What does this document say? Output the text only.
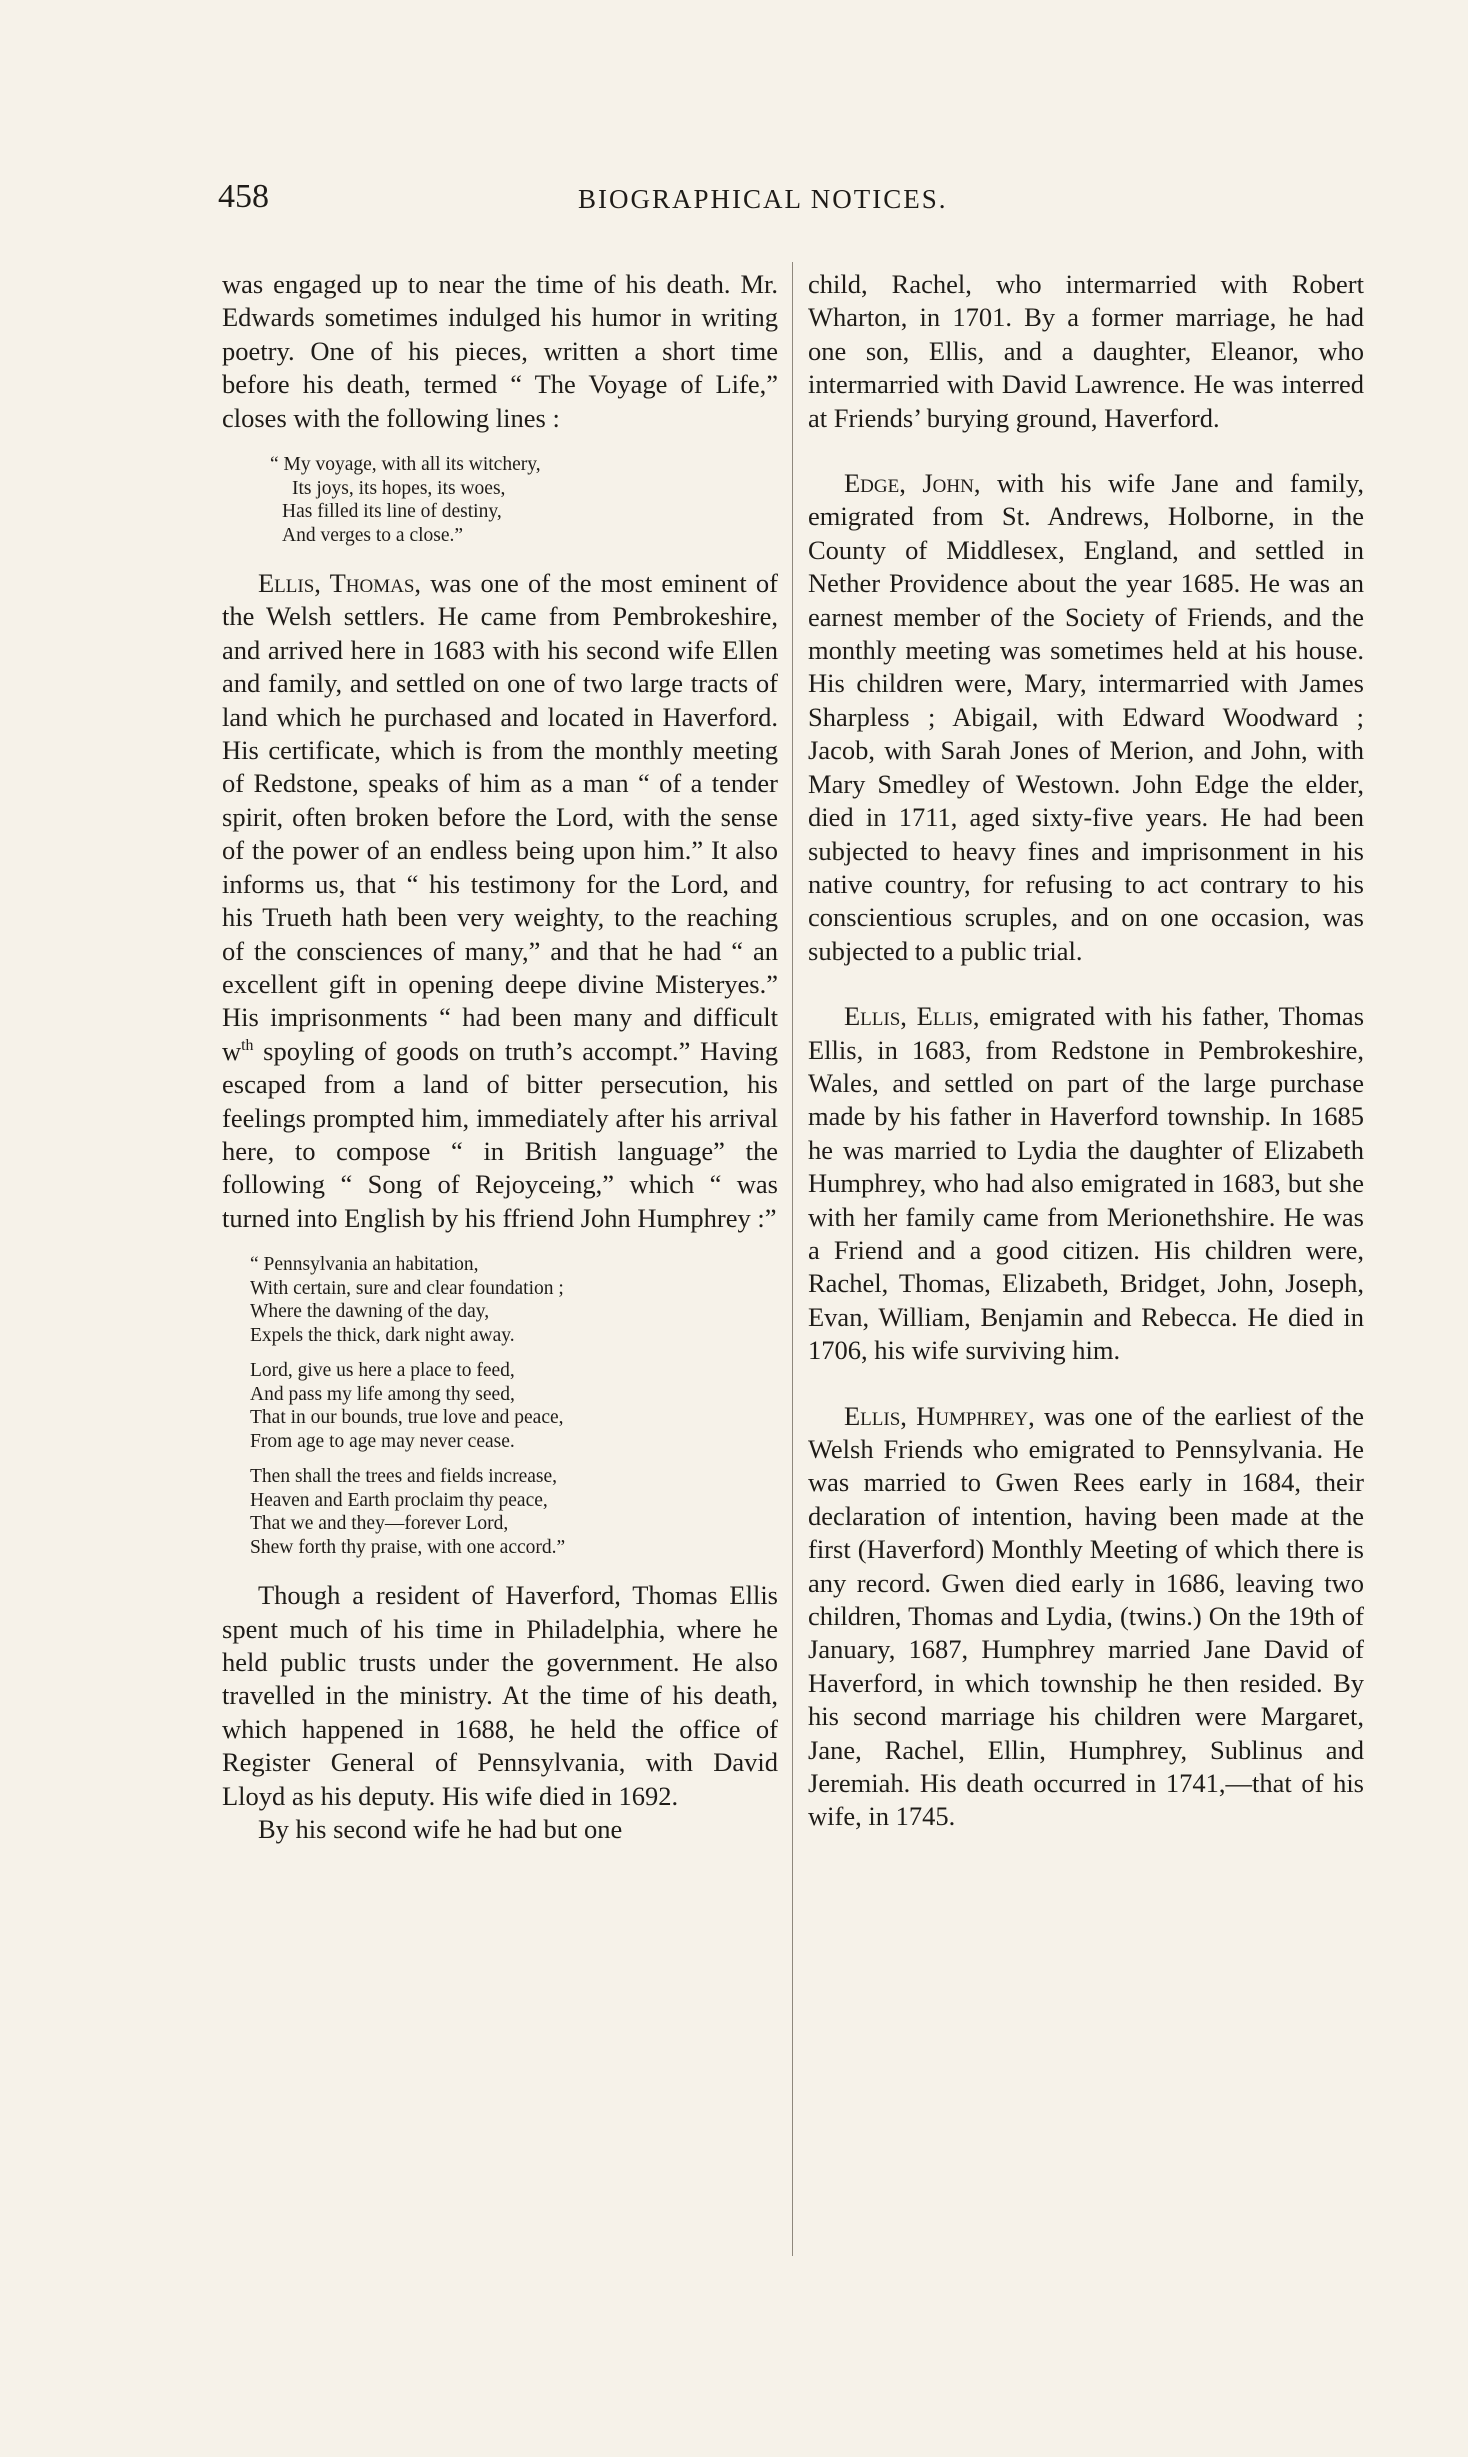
458	BIOGRAPHICAL NOTICES.

was engaged up to near the time of his death. Mr. Edwards sometimes indulged his humor in writing poetry. One of his pieces, written a short time before his death, termed “ The Voyage of Life,” closes with the following lines :

“ My voyage, with all its witchery,
Its joys, its hopes, its woes,
Has filled its line of destiny,
And verges to a close.”

Ellis, Thomas, was one of the most eminent of the Welsh settlers. He came from Pembrokeshire, and arrived here in 1683 with his second wife Ellen and family, and settled on one of two large tracts of land which he purchased and located in Haverford. His certificate, which is from the monthly meeting of Redstone, speaks of him as a man “ of a tender spirit, often broken before the Lord, with the sense of the power of an endless being upon him.” It also informs us, that “ his testimony for the Lord, and his Trueth hath been very weighty, to the reaching of the consciences of many,” and that he had “ an excellent gift in opening deepe divine Misteryes.” His imprisonments “ had been many and difficult $w^{th}$ spoyling of goods on truth’s accompt.” Having escaped from a land of bitter persecution, his feelings prompted him, immediately after his arrival here, to compose “ in British language” the following “ Song of Rejoyceing,” which “ was turned into English by his ffriend John Humphrey :”

“ Pennsylvania an habitation,
With certain, sure and clear foundation ;
Where the dawning of the day,
Expels the thick, dark night away.
Lord, give us here a place to feed,
And pass my life among thy seed,
That in our bounds, true love and peace,
From age to age may never cease.
Then shall the trees and fields increase,
Heaven and Earth proclaim thy peace,
That we and they—forever Lord,
Shew forth thy praise, with one accord.”

Though a resident of Haverford, Thomas Ellis spent much of his time in Philadelphia, where he held public trusts under the government. He also travelled in the ministry. At the time of his death, which happened in 1688, he held the office of Register General of Pennsylvania, with David Lloyd as his deputy. His wife died in 1692.

By his second wife he had but one

child, Rachel, who intermarried with Robert Wharton, in 1701. By a former marriage, he had one son, Ellis, and a daughter, Eleanor, who intermarried with David Lawrence. He was interred at Friends’ burying ground, Haverford.

Edge, John, with his wife Jane and family, emigrated from St. Andrews, Holborne, in the County of Middlesex, England, and settled in Nether Providence about the year 1685. He was an earnest member of the Society of Friends, and the monthly meeting was sometimes held at his house. His children were, Mary, intermarried with James Sharpless ; Abigail, with Edward Woodward ; Jacob, with Sarah Jones of Merion, and John, with Mary Smedley of Westown. John Edge the elder, died in 1711, aged sixty-five years. He had been subjected to heavy fines and imprisonment in his native country, for refusing to act contrary to his conscientious scruples, and on one occasion, was subjected to a public trial.

Ellis, Ellis, emigrated with his father, Thomas Ellis, in 1683, from Redstone in Pembrokeshire, Wales, and settled on part of the large purchase made by his father in Haverford township. In 1685 he was married to Lydia the daughter of Elizabeth Humphrey, who had also emigrated in 1683, but she with her family came from Merionethshire. He was a Friend and a good citizen. His children were, Rachel, Thomas, Elizabeth, Bridget, John, Joseph, Evan, William, Benjamin and Rebecca. He died in 1706, his wife surviving him.

Ellis, Humphrey, was one of the earliest of the Welsh Friends who emigrated to Pennsylvania. He was married to Gwen Rees early in 1684, their declaration of intention, having been made at the first (Haverford) Monthly Meeting of which there is any record. Gwen died early in 1686, leaving two children, Thomas and Lydia, (twins.) On the 19th of January, 1687, Humphrey married Jane David of Haverford, in which township he then resided. By his second marriage his children were Margaret, Jane, Rachel, Ellin, Humphrey, Sublinus and Jeremiah. His death occurred in 1741,—that of his wife, in 1745.
